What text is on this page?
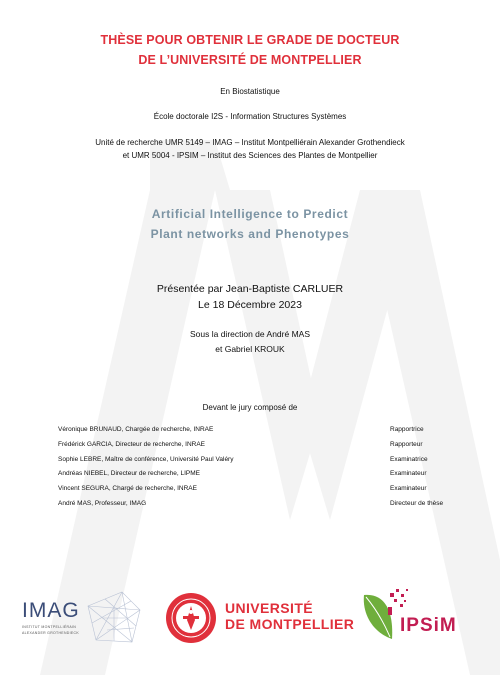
THÈSE POUR OBTENIR LE GRADE DE DOCTEUR
DE L’UNIVERSITÉ DE MONTPELLIER
En Biostatistique
École doctorale I2S - Information Structures Systèmes
Unité de recherche UMR 5149 – IMAG – Institut Montpelliérain Alexander Grothendieck
et UMR 5004 - IPSIM – Institut des Sciences des Plantes de Montpellier
Artificial Intelligence to Predict
Plant networks and Phenotypes
Présentée par Jean-Baptiste CARLUER
Le 18 Décembre 2023
Sous la direction de André MAS
et Gabriel KROUK
Devant le jury composé de
Véronique BRUNAUD, Chargée de recherche, INRAE	Rapportrice
Frédérick GARCIA, Directeur de recherche, INRAE	Rapporteur
Sophie LEBRE, Maître de conférence, Université Paul Valéry	Examinatrice
Andréas NIEBEL, Directeur de recherche, LIPME	Examinateur
Vincent SEGURA, Chargé de recherche, INRAE	Examinateur
André MAS, Professeur, IMAG	Directeur de thèse
IMAG
INSTITUT MONTPELLIÉRAIN
ALEXANDER GROTHENDIECK
UNIVERSITÉ
DE MONTPELLIER IPSiM
